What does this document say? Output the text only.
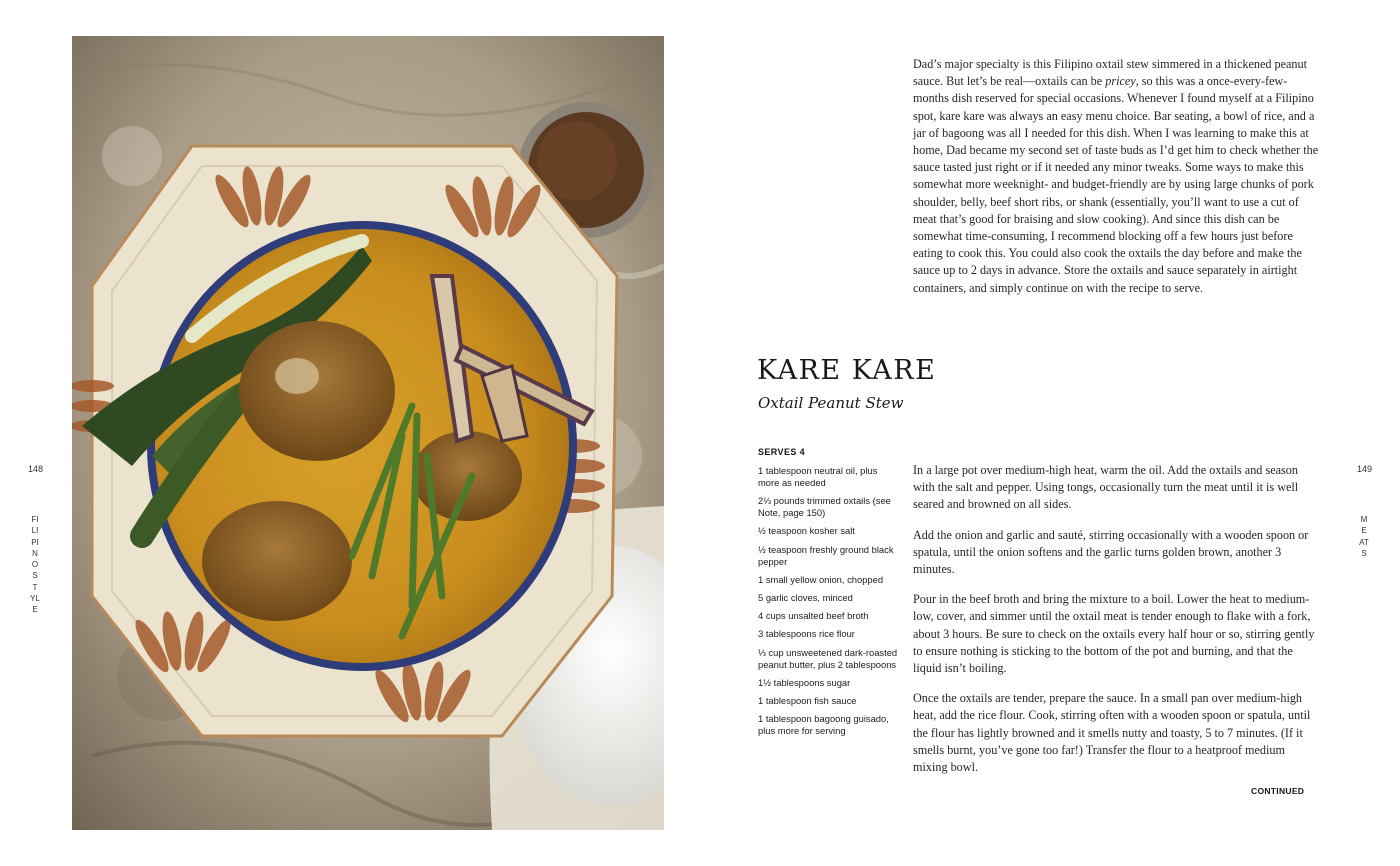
148
FILIPINO STYLE
149
MEATS

Dad’s major specialty is this Filipino oxtail stew simmered in a thickened peanut sauce. But let’s be real—oxtails can be pricey, so this was a once-every-few-months dish reserved for special occasions. Whenever I found myself at a Filipino spot, kare kare was always an easy menu choice. Bar seating, a bowl of rice, and a jar of bagoong was all I needed for this dish. When I was learning to make this at home, Dad became my second set of taste buds as I’d get him to check whether the sauce tasted just right or if it needed any minor tweaks. Some ways to make this somewhat more weeknight- and budget-friendly are by using large chunks of pork shoulder, belly, beef short ribs, or shank (essentially, you’ll want to use a cut of meat that’s good for braising and slow cooking). And since this dish can be somewhat time-consuming, I recommend blocking off a few hours just before eating to cook this. You could also cook the oxtails the day before and make the sauce up to 2 days in advance. Store the oxtails and sauce separately in airtight containers, and simply continue on with the recipe to serve.

KARE KARE
Oxtail Peanut Stew
SERVES 4
1 tablespoon neutral oil, plus more as needed
2⅓ pounds trimmed oxtails (see Note, page 150)
½ teaspoon kosher salt
½ teaspoon freshly ground black pepper
1 small yellow onion, chopped
5 garlic cloves, minced
4 cups unsalted beef broth
3 tablespoons rice flour
⅓ cup unsweetened dark-roasted peanut butter, plus 2 tablespoons
1½ tablespoons sugar
1 tablespoon fish sauce
1 tablespoon bagoong guisado, plus more for serving

In a large pot over medium-high heat, warm the oil. Add the oxtails and season with the salt and pepper. Using tongs, occasionally turn the meat until it is well seared and browned on all sides.

Add the onion and garlic and sauté, stirring occasionally with a wooden spoon or spatula, until the onion softens and the garlic turns golden brown, another 3 minutes.

Pour in the beef broth and bring the mixture to a boil. Lower the heat to medium-low, cover, and simmer until the oxtail meat is tender enough to flake with a fork, about 3 hours. Be sure to check on the oxtails every half hour or so, stirring gently to ensure nothing is sticking to the bottom of the pot and burning, and that the liquid isn’t boiling.

Once the oxtails are tender, prepare the sauce. In a small pan over medium-high heat, add the rice flour. Cook, stirring often with a wooden spoon or spatula, until the flour has lightly browned and it smells nutty and toasty, 5 to 7 minutes. (If it smells burnt, you’ve gone too far!) Transfer the flour to a heatproof medium mixing bowl.

CONTINUED
